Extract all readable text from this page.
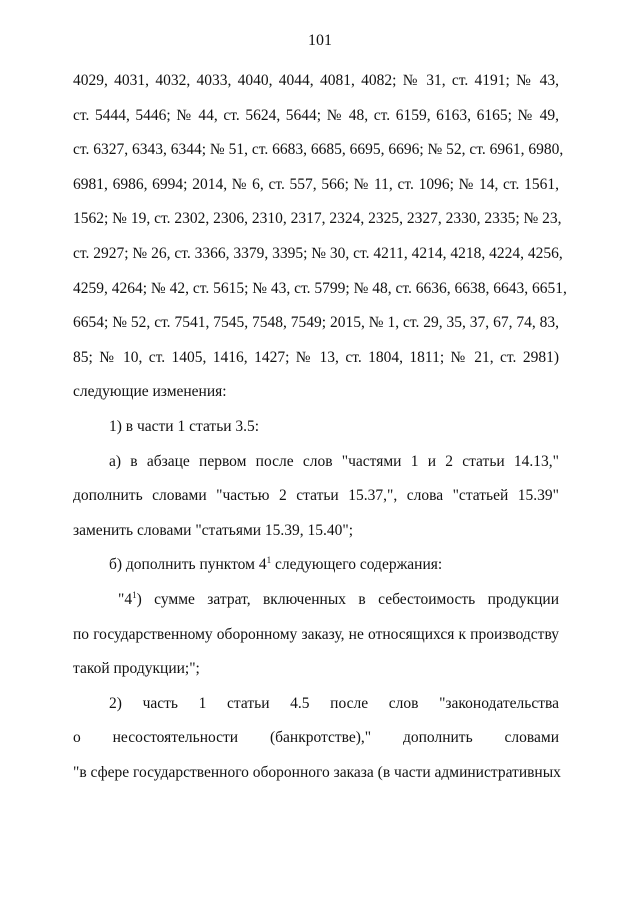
101
4029, 4031, 4032, 4033, 4040, 4044, 4081, 4082; № 31, ст. 4191; № 43,
ст. 5444, 5446; № 44, ст. 5624, 5644; № 48, ст. 6159, 6163, 6165; № 49,
ст. 6327, 6343, 6344; № 51, ст. 6683, 6685, 6695, 6696; № 52, ст. 6961, 6980,
6981, 6986, 6994; 2014, № 6, ст. 557, 566; № 11, ст. 1096; № 14, ст. 1561,
1562; № 19, ст. 2302, 2306, 2310, 2317, 2324, 2325, 2327, 2330, 2335; № 23,
ст. 2927; № 26, ст. 3366, 3379, 3395; № 30, ст. 4211, 4214, 4218, 4224, 4256,
4259, 4264; № 42, ст. 5615; № 43, ст. 5799; № 48, ст. 6636, 6638, 6643, 6651,
6654; № 52, ст. 7541, 7545, 7548, 7549; 2015, № 1, ст. 29, 35, 37, 67, 74, 83,
85; № 10, ст. 1405, 1416, 1427; № 13, ст. 1804, 1811; № 21, ст. 2981)
следующие изменения:
1) в части 1 статьи 3.5:
а) в абзаце первом после слов "частями 1 и 2 статьи 14.13,"
дополнить словами "частью 2 статьи 15.37,", слова "статьей 15.39"
заменить словами "статьями 15.39, 15.40";
б) дополнить пунктом $4^1$ следующего содержания:
"$4^1$) сумме затрат, включенных в себестоимость продукции
по государственному оборонному заказу, не относящихся к производству
такой продукции;";
2) часть 1 статьи 4.5 после слов "законодательства
о несостоятельности (банкротстве)," дополнить словами
"в сфере государственного оборонного заказа (в части административных
